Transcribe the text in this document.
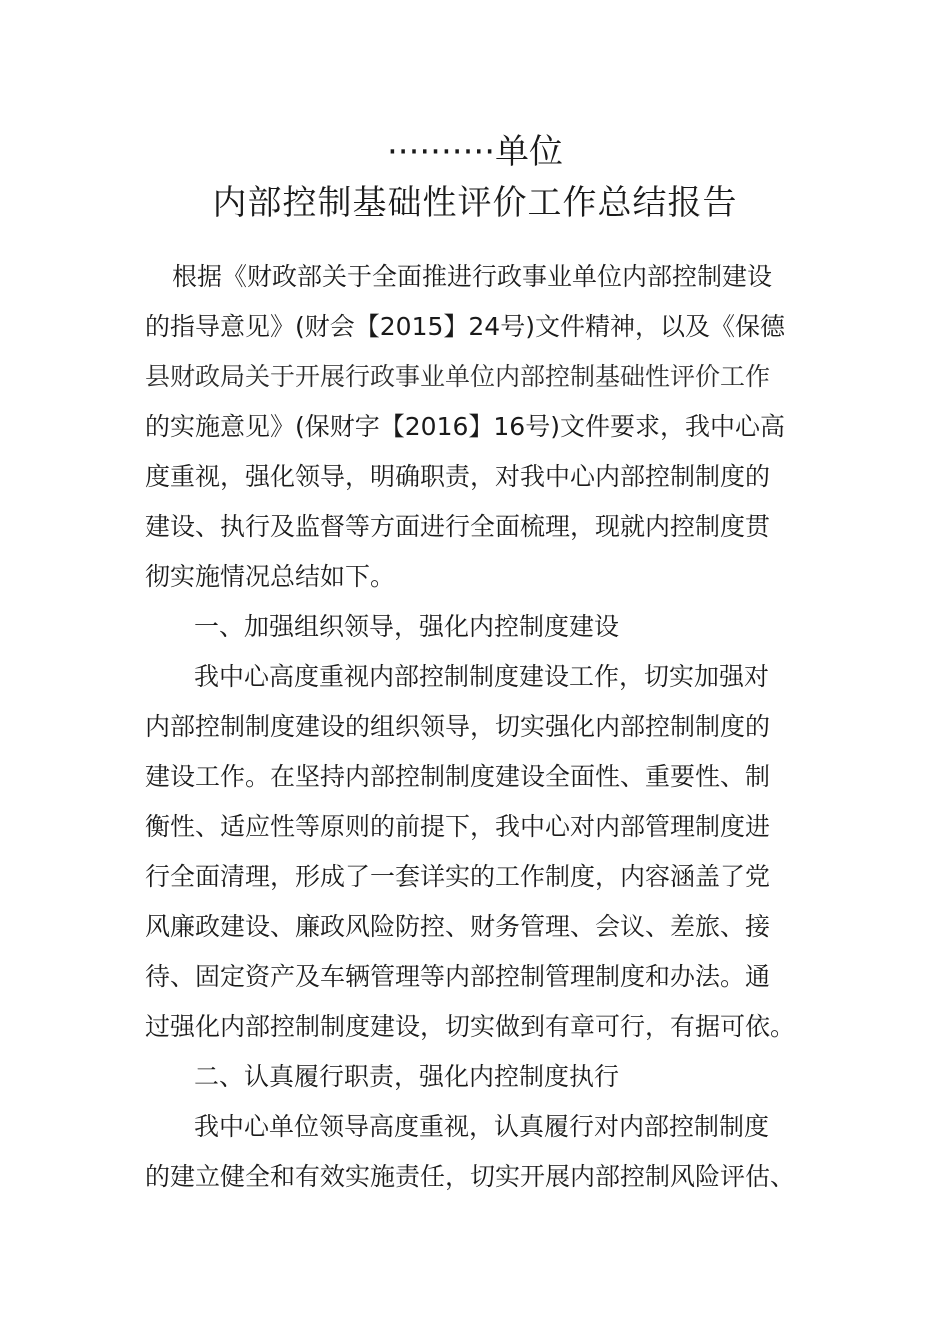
··········单位
内部控制基础性评价工作总结报告
根据《财政部关于全面推进行政事业单位内部控制建设
的指导意见》(财会【2015】24号)文件精神，以及《保德
县财政局关于开展行政事业单位内部控制基础性评价工作
的实施意见》(保财字【2016】16号)文件要求，我中心高
度重视，强化领导，明确职责，对我中心内部控制制度的
建设、执行及监督等方面进行全面梳理，现就内控制度贯
彻实施情况总结如下。
一、加强组织领导，强化内控制度建设
我中心高度重视内部控制制度建设工作，切实加强对
内部控制制度建设的组织领导，切实强化内部控制制度的
建设工作。在坚持内部控制制度建设全面性、重要性、制
衡性、适应性等原则的前提下，我中心对内部管理制度进
行全面清理，形成了一套详实的工作制度，内容涵盖了党
风廉政建设、廉政风险防控、财务管理、会议、差旅、接
待、固定资产及车辆管理等内部控制管理制度和办法。通
过强化内部控制制度建设，切实做到有章可行，有据可依。
二、认真履行职责，强化内控制度执行
我中心单位领导高度重视，认真履行对内部控制制度
的建立健全和有效实施责任，切实开展内部控制风险评估、
